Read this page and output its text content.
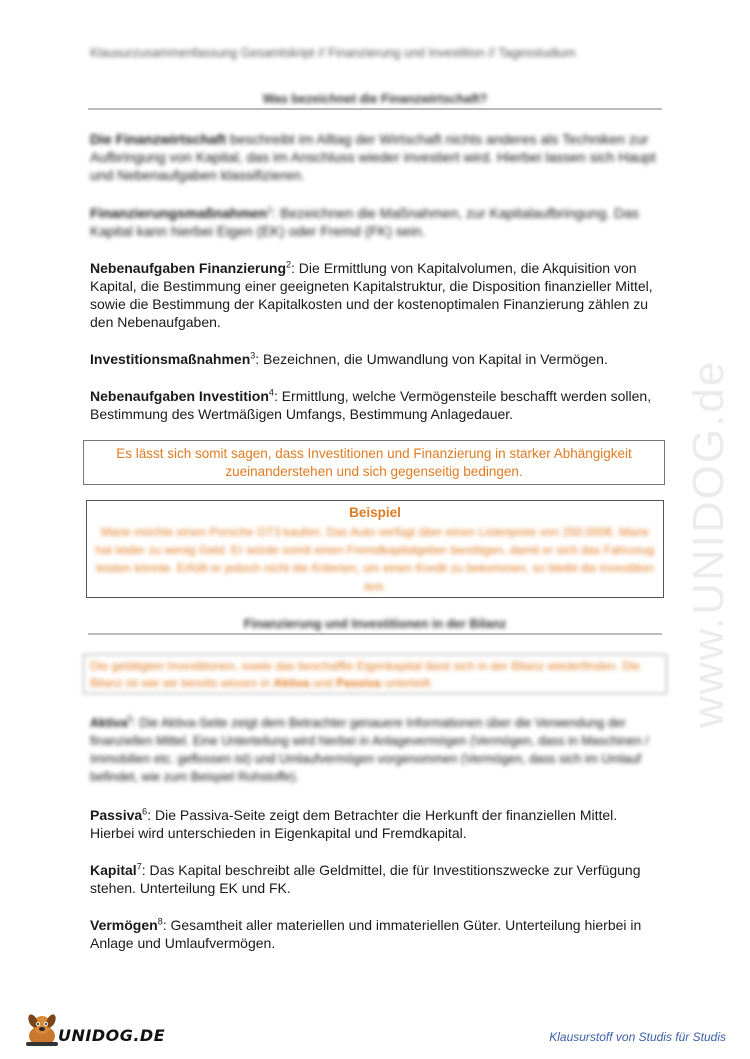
Klausurzusammenfassung Gesamtskript // Finanzierung und Investition // Tagesstudium
Was bezeichnet die Finanzwirtschaft?
Die Finanzwirtschaft beschreibt im Alltag der Wirtschaft nichts anderes als Techniken zur Aufbringung von Kapital, das im Anschluss wieder investiert wird. Hierbei lassen sich Haupt und Nebenaufgaben klassifizieren.
Finanzierungsmaßnahmen$^1$: Bezeichnen die Maßnahmen, zur Kapitalaufbringung. Das Kapital kann hierbei Eigen (EK) oder Fremd (FK) sein.
Nebenaufgaben Finanzierung$^2$: Die Ermittlung von Kapitalvolumen, die Akquisition von Kapital, die Bestimmung einer geeigneten Kapitalstruktur, die Disposition finanzieller Mittel, sowie die Bestimmung der Kapitalkosten und der kostenoptimalen Finanzierung zählen zu den Nebenaufgaben.
Investitionsmaßnahmen$^3$: Bezeichnen, die Umwandlung von Kapital in Vermögen.
Nebenaufgaben Investition$^4$: Ermittlung, welche Vermögensteile beschafft werden sollen, Bestimmung des Wertmäßigen Umfangs, Bestimmung Anlagedauer.
Es lässt sich somit sagen, dass Investitionen und Finanzierung in starker Abhängigkeit zueinanderstehen und sich gegenseitig bedingen.
Beispiel
Marie möchte einen Porsche GT3 kaufen. Das Auto verfügt über einen Listenpreis von 250.000€. Marie hat leider zu wenig Geld. Er würde somit einen Fremdkapitalgeber benötigen, damit er sich das Fahrzeug leisten könnte. Erfüllt er jedoch nicht die Kriterien, um einen Kredit zu bekommen, so bleibt die Investition aus.
Finanzierung und Investitionen in der Bilanz
Die getätigten Investitionen, sowie das beschaffte Eigenkapital lässt sich in der Bilanz wiederfinden. Die Bilanz ist wie wir bereits wissen in Aktiva und Passiva unterteilt.
Aktiva$^5$: Die Aktiva-Seite zeigt dem Betrachter genauere Informationen über die Verwendung der finanziellen Mittel. Eine Unterteilung wird hierbei in Anlagevermögen (Vermögen, dass in Maschinen / Immobilien etc. geflossen ist) und Umlaufvermögen vorgenommen (Vermögen, dass sich im Umlauf befindet, wie zum Beispiel Rohstoffe).
Passiva$^6$: Die Passiva-Seite zeigt dem Betrachter die Herkunft der finanziellen Mittel. Hierbei wird unterschieden in Eigenkapital und Fremdkapital.
Kapital$^7$: Das Kapital beschreibt alle Geldmittel, die für Investitionszwecke zur Verfügung stehen. Unterteilung EK und FK.
Vermögen$^8$: Gesamtheit aller materiellen und immateriellen Güter. Unterteilung hierbei in Anlage und Umlaufvermögen.
www.UNIDOG.de
UNIDOG.DE	Klausurstoff von Studis für Studis
